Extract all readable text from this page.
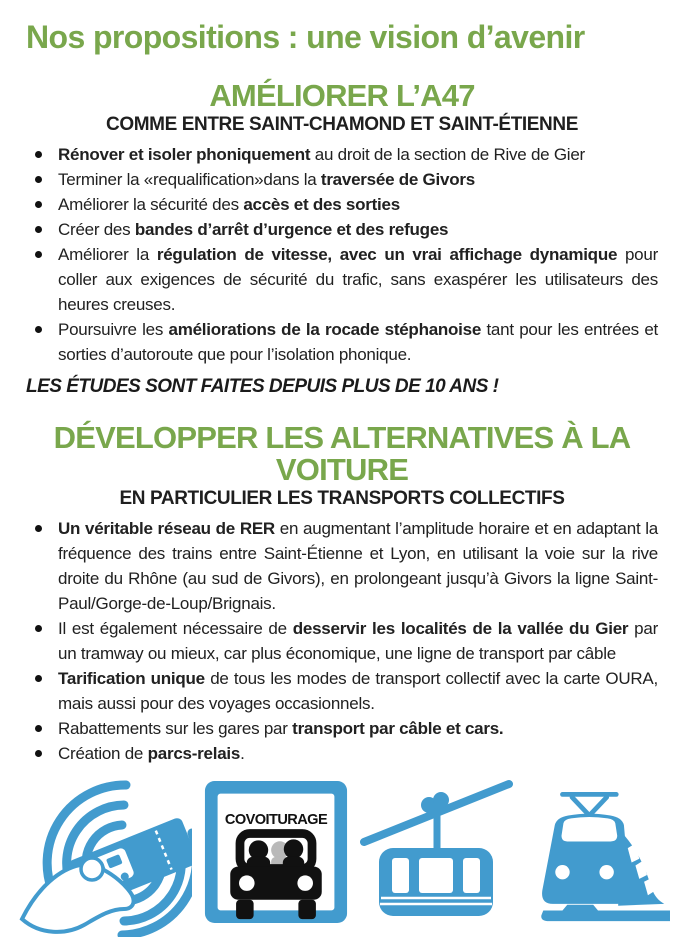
Nos propositions : une vision d’avenir
AMÉLIORER L’A47
COMME ENTRE SAINT-CHAMOND ET SAINT-ÉTIENNE
Rénover et isoler phoniquement au droit de la section de Rive de Gier
Terminer la «requalification»dans la traversée de Givors
Améliorer la sécurité des accès et des sorties
Créer des bandes d’arrêt d’urgence et des refuges
Améliorer la régulation de vitesse, avec un vrai affichage dynamique pour coller aux exigences de sécurité du trafic, sans exaspérer les utilisateurs des heures creuses.
Poursuivre les améliorations de la rocade stéphanoise tant pour les entrées et sorties d’autoroute que pour l’isolation phonique.

LES ÉTUDES SONT FAITES DEPUIS PLUS DE 10 ANS !

DÉVELOPPER LES ALTERNATIVES À LA VOITURE
EN PARTICULIER LES TRANSPORTS COLLECTIFS
Un véritable réseau de RER en augmentant l’amplitude horaire et en adaptant la fréquence des trains entre Saint-Étienne et Lyon, en utilisant la voie sur la rive droite du Rhône (au sud de Givors), en prolongeant jusqu’à Givors la ligne Saint-Paul/Gorge-de-Loup/Brignais.
Il est également nécessaire de desservir les localités de la vallée du Gier par un tramway ou mieux, car plus économique, une ligne de transport par câble
Tarification unique de tous les modes de transport collectif avec la carte OURA, mais aussi pour des voyages occasionnels.
Rabattements sur les gares par transport par câble et cars.
Création de parcs-relais.
COVOITURAGE
